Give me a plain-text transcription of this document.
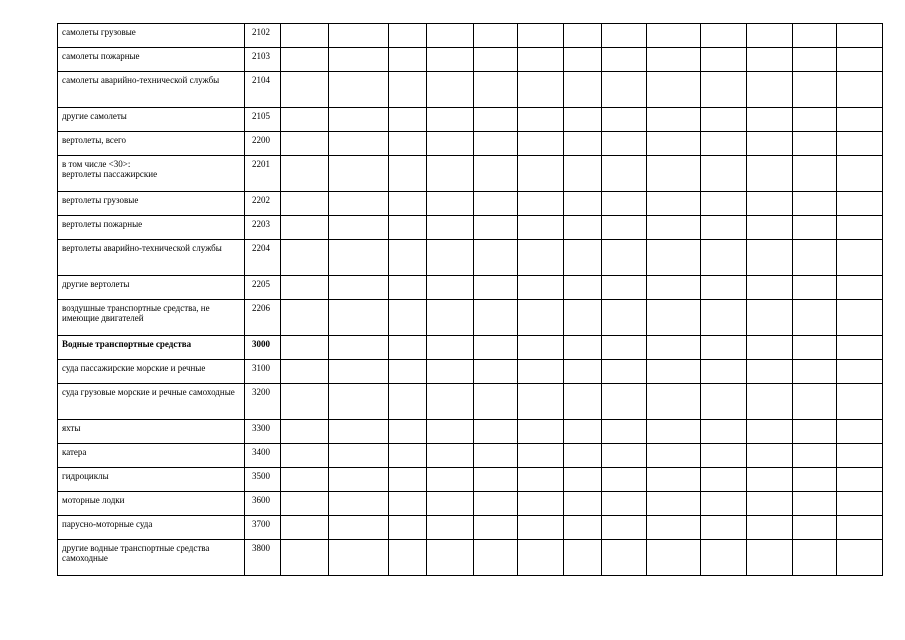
самолеты грузовые	2102													
самолеты пожарные	2103													
самолеты аварийно-технической службы	2104													
другие самолеты	2105													
вертолеты, всего	2200													
в том числе <30>:
вертолеты пассажирские	2201													
вертолеты грузовые	2202													
вертолеты пожарные	2203													
вертолеты аварийно-технической службы	2204													
другие вертолеты	2205													
воздушные транспортные средства, не имеющие двигателей	2206													
Водные транспортные средства	3000													
суда пассажирские морские и речные	3100													
суда грузовые морские и речные самоходные	3200													
яхты	3300													
катера	3400													
гидроциклы	3500													
моторные лодки	3600													
парусно-моторные суда	3700													
другие водные транспортные средства самоходные	3800													
